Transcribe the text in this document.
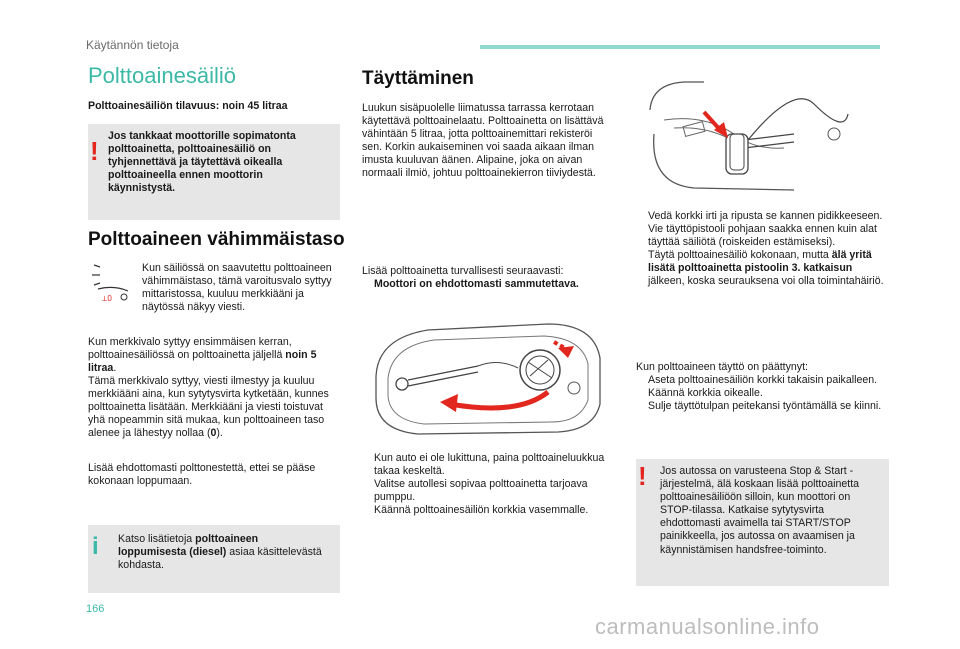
Käytännön tietoja
Polttoainesäiliö
Polttoainesäiliön tilavuus: noin 45 litraa
! Jos tankkaat moottorille sopimatonta polttoainetta, polttoainesäiliö on tyhjennettävä ja täytettävä oikealla polttoaineella ennen moottorin käynnistystä.
Polttoaineen vähimmäistaso
⟂0
Kun säiliössä on saavutettu polttoaineen vähimmäistaso, tämä varoitusvalo syttyy mittaristossa, kuuluu merkkiääni ja näytössä näkyy viesti.
Kun merkkivalo syttyy ensimmäisen kerran, polttoainesäiliössä on polttoainetta jäljellä noin 5 litraa.
Tämä merkkivalo syttyy, viesti ilmestyy ja kuuluu merkkiääni aina, kun sytytysvirta kytketään, kunnes polttoainetta lisätään. Merkkiääni ja viesti toistuvat yhä nopeammin sitä mukaa, kun polttoaineen taso alenee ja lähestyy nollaa (0).
Lisää ehdottomasti polttonestettä, ettei se pääse kokonaan loppumaan.
i Katso lisätietoja polttoaineen loppumisesta (diesel) asiaa käsittelevästä kohdasta.
Täyttäminen
Luukun sisäpuolelle liimatussa tarrassa kerrotaan käytettävä polttoainelaatu. Polttoainetta on lisättävä vähintään 5 litraa, jotta polttoainemittari rekisteröi sen. Korkin aukaiseminen voi saada aikaan ilman imusta kuuluvan äänen. Alipaine, joka on aivan normaali ilmiö, johtuu polttoainekierron tiiviydestä.
Lisää polttoainetta turvallisesti seuraavasti:
Moottori on ehdottomasti sammutettava.
Kun auto ei ole lukittuna, paina polttoaineluukkua takaa keskeltä.
Valitse autollesi sopivaa polttoainetta tarjoava pumppu.
Käännä polttoainesäiliön korkkia vasemmalle.
Vedä korkki irti ja ripusta se kannen pidikkeeseen.
Vie täyttöpistooli pohjaan saakka ennen kuin alat täyttää säiliötä (roiskeiden estämiseksi).
Täytä polttoainesäiliö kokonaan, mutta älä yritä lisätä polttoainetta pistoolin 3. katkaisun jälkeen, koska seurauksena voi olla toimintahäiriö.
Kun polttoaineen täyttö on päättynyt:
Aseta polttoainesäiliön korkki takaisin paikalleen.
Käännä korkkia oikealle.
Sulje täyttötulpan peitekansi työntämällä se kiinni.
! Jos autossa on varusteena Stop & Start -järjestelmä, älä koskaan lisää polttoainetta polttoainesäiliöön silloin, kun moottori on STOP-tilassa. Katkaise sytytysvirta ehdottomasti avaimella tai START/STOP painikkeella, jos autossa on avaamisen ja käynnistämisen handsfree-toiminto.
166
carmanualsonline.info
